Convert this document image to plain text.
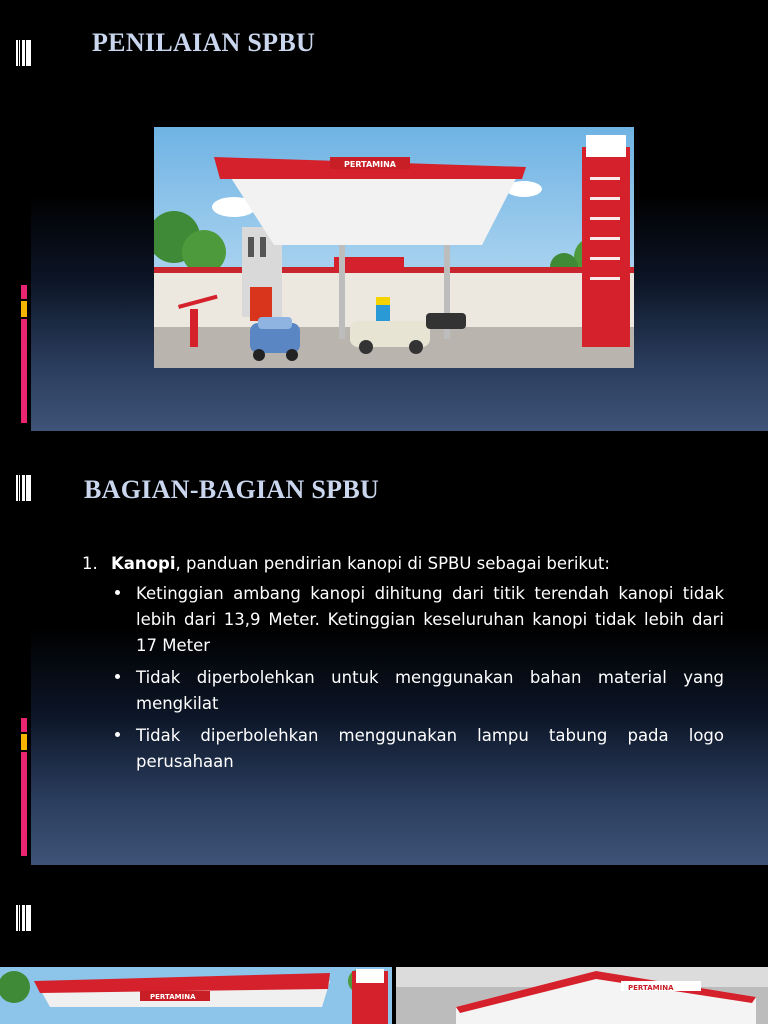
PENILAIAN SPBU
PERTAMINA
BAGIAN-BAGIAN SPBU
1. Kanopi, panduan pendirian kanopi di SPBU sebagai berikut:
Ketinggian ambang kanopi dihitung dari titik terendah kanopi tidak lebih dari 13,9 Meter. Ketinggian keseluruhan kanopi tidak lebih dari 17 Meter
Tidak diperbolehkan untuk menggunakan bahan material yang mengkilat
Tidak diperbolehkan menggunakan lampu tabung pada logo perusahaan
PERTAMINA
PERTAMINA
